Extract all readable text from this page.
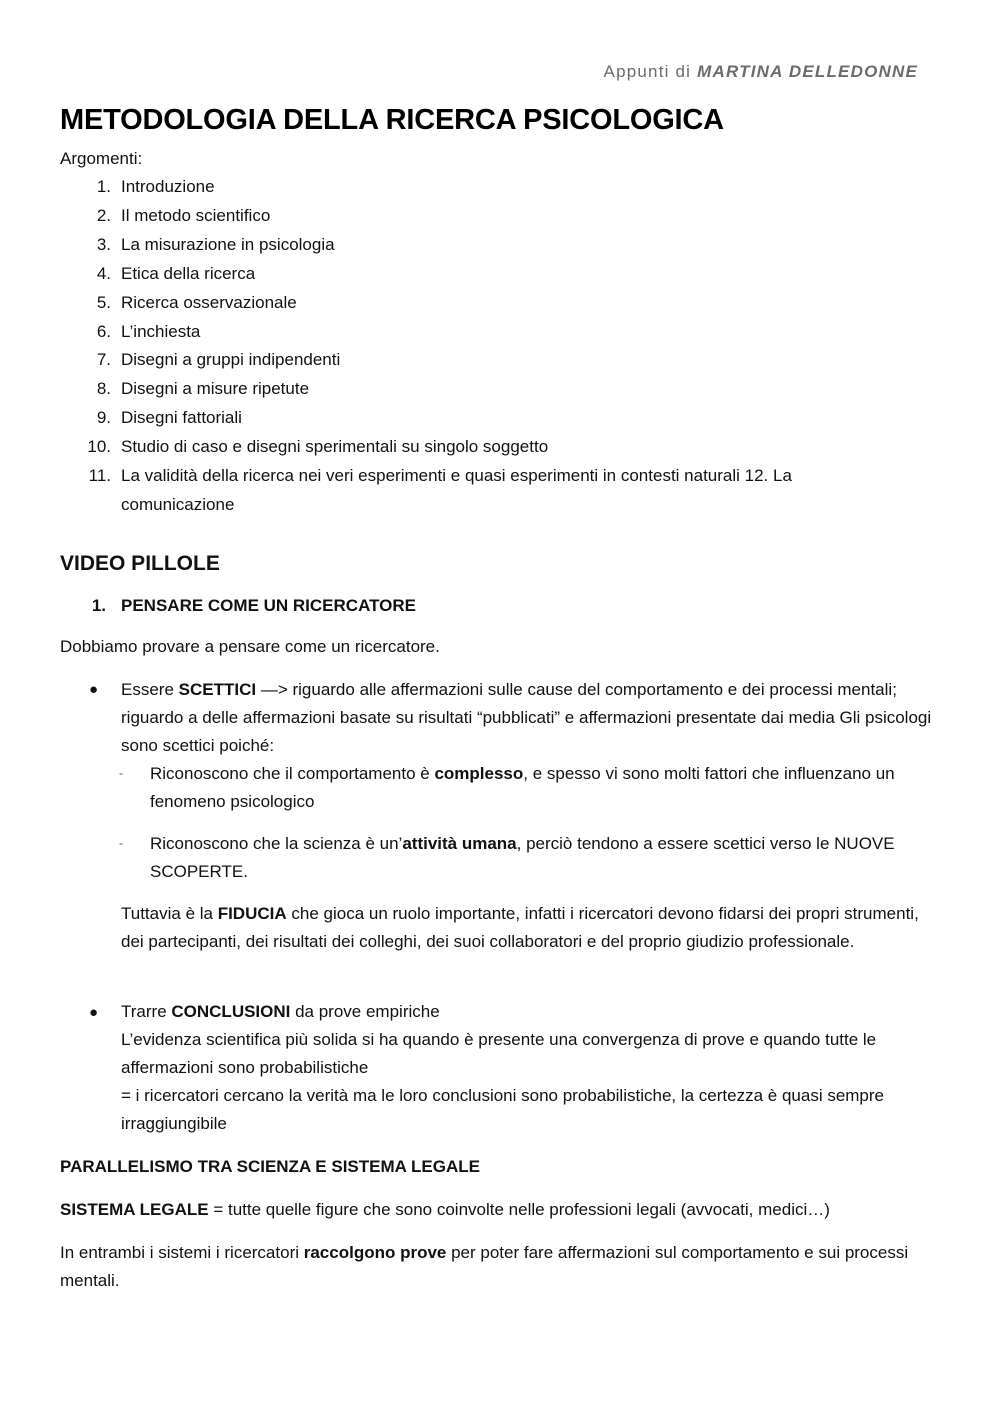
Appunti di MARTINA DELLEDONNE
METODOLOGIA DELLA RICERCA PSICOLOGICA
Argomenti:
1. Introduzione
2. Il metodo scientifico
3. La misurazione in psicologia
4. Etica della ricerca
5. Ricerca osservazionale
6. L’inchiesta
7. Disegni a gruppi indipendenti
8. Disegni a misure ripetute
9. Disegni fattoriali
10. Studio di caso e disegni sperimentali su singolo soggetto
11. La validità della ricerca nei veri esperimenti e quasi esperimenti in contesti naturali 12. La comunicazione
VIDEO PILLOLE
1. PENSARE COME UN RICERCATORE
Dobbiamo provare a pensare come un ricercatore.
● Essere SCETTICI —> riguardo alle affermazioni sulle cause del comportamento e dei processi mentali; riguardo a delle affermazioni basate su risultati “pubblicati” e affermazioni presentate dai media Gli psicologi sono scettici poiché:
- Riconoscono che il comportamento è complesso, e spesso vi sono molti fattori che influenzano un fenomeno psicologico
- Riconoscono che la scienza è un’attività umana, perciò tendono a essere scettici verso le NUOVE SCOPERTE.
Tuttavia è la FIDUCIA che gioca un ruolo importante, infatti i ricercatori devono fidarsi dei propri strumenti, dei partecipanti, dei risultati dei colleghi, dei suoi collaboratori e del proprio giudizio professionale.
● Trarre CONCLUSIONI da prove empiriche
L’evidenza scientifica più solida si ha quando è presente una convergenza di prove e quando tutte le affermazioni sono probabilistiche
= i ricercatori cercano la verità ma le loro conclusioni sono probabilistiche, la certezza è quasi sempre irraggiungibile
PARALLELISMO TRA SCIENZA E SISTEMA LEGALE
SISTEMA LEGALE = tutte quelle figure che sono coinvolte nelle professioni legali (avvocati, medici…)
In entrambi i sistemi i ricercatori raccolgono prove per poter fare affermazioni sul comportamento e sui processi mentali.
